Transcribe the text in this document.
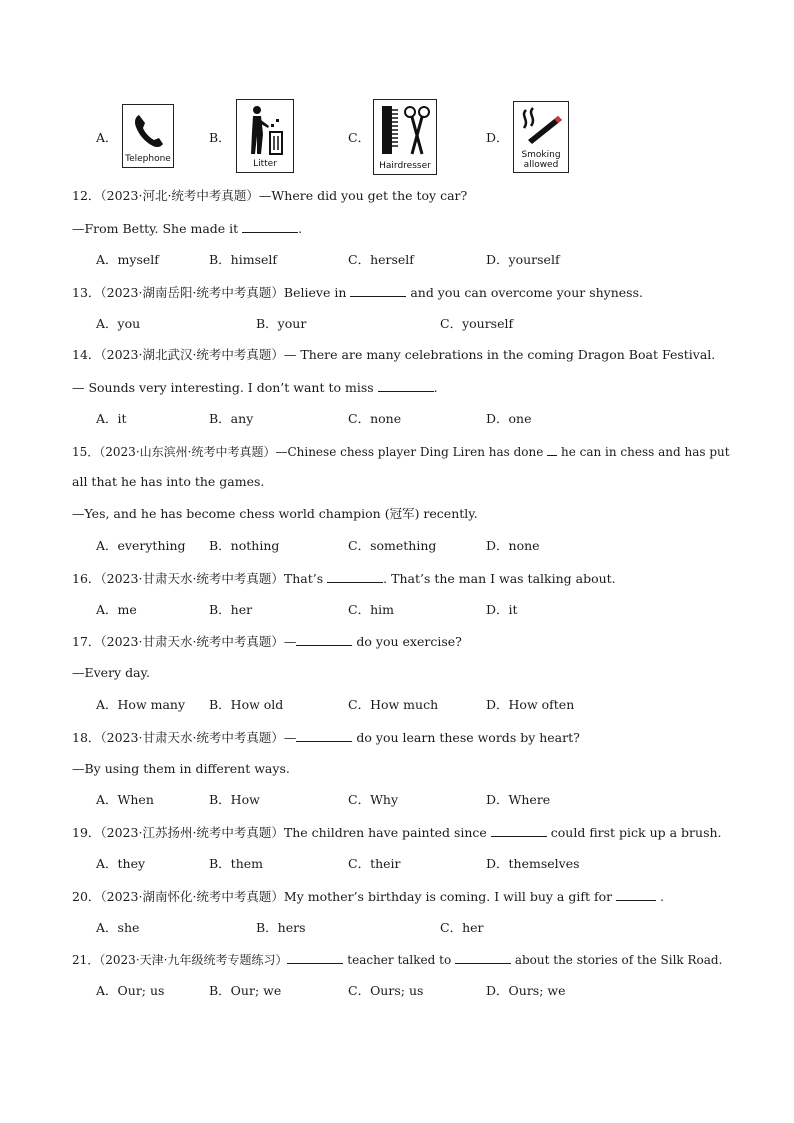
A．
Telephone
B．
Litter
C．
Hairdresser
D．
Smoking
allowed
12．（2023·河北·统考中考真题）—Where did you get the toy car?
—From Betty. She made it	.
A．myself	B．himself	C．herself	D．yourself
13．（2023·湖南岳阳·统考中考真题）Believe in	and you can overcome your shyness.
A．you	B．your	C．yourself
14．（2023·湖北武汉·统考中考真题）— There are many celebrations in the coming Dragon Boat Festival.
— Sounds very interesting. I don’t want to miss	.
A．it	B．any	C．none	D．one
15．（2023·山东滨州·统考中考真题）—Chinese chess player Ding Liren has done  he can in chess and has put
all that he has into the games.
—Yes, and he has become chess world champion (冠军) recently.
A．everything B．nothing	C．something	D．none
16．（2023·甘肃天水·统考中考真题）That’s	. That’s the man I was talking about.
A．me	B．her	C．him	D．it
17．（2023·甘肃天水·统考中考真题）—	do you exercise?
—Every day.
A．How many B．How old	C．How much	D．How often
18．（2023·甘肃天水·统考中考真题）—	do you learn these words by heart?
—By using them in different ways.
A．When	B．How	C．Why	D．Where
19．（2023·江苏扬州·统考中考真题）The children have painted since	could first pick up a brush.
A．they	B．them	C．their	D．themselves
20．（2023·湖南怀化·统考中考真题）My mother’s birthday is coming. I will buy a gift for	.
A．she	B．hers	C．her
21．（2023·天津·九年级统考专题练习）	teacher talked to	about the stories of the Silk Road.
A．Our; us	B．Our; we	C．Ours; us	D．Ours; we
